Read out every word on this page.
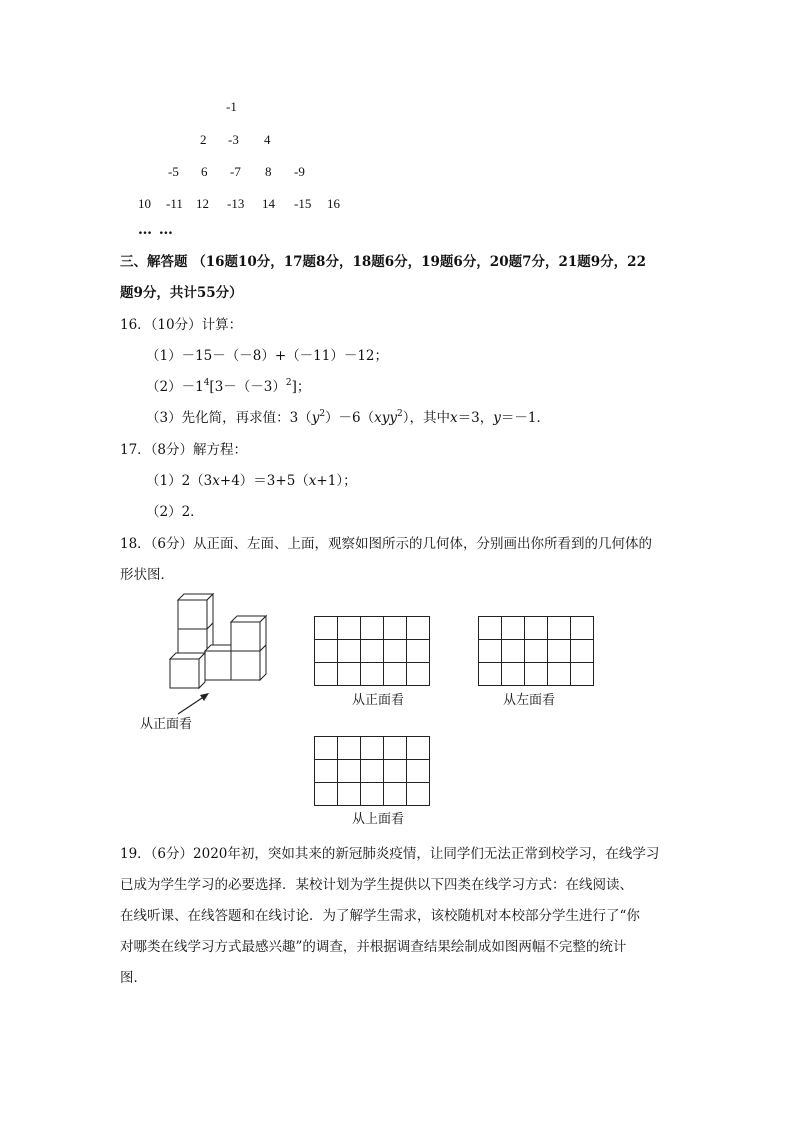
-1
2 -3 4
-5 6 -7 8 -9
10 -11 12 -13 14 -15 16
… …
三、解答题 （16题10分，17题8分，18题6分，19题6分，20题7分，21题9分，22
题9分，共计55分）
16．（10分）计算：
（1）－15－（－8）+（－11）－12；
$(2)-1^4[3-(-3)^2]$；
（3）先化简，再求值：$3(y^2)-6(xyy^2)$，其中x＝3，y＝－1．
17．（8分）解方程：
（1）2（3x+4）＝3+5（x+1）；
（2）2．
18．（6分）从正面、左面、上面，观察如图所示的几何体，分别画出你所看到的几何体的
形状图．
从正面看
从正面看	从左面看
从上面看
19．（6分）2020年初，突如其来的新冠肺炎疫情，让同学们无法正常到校学习，在线学习
已成为学生学习的必要选择．某校计划为学生提供以下四类在线学习方式：在线阅读、
在线听课、在线答题和在线讨论．为了解学生需求，该校随机对本校部分学生进行了“你
对哪类在线学习方式最感兴趣”的调查，并根据调查结果绘制成如图两幅不完整的统计
图．
